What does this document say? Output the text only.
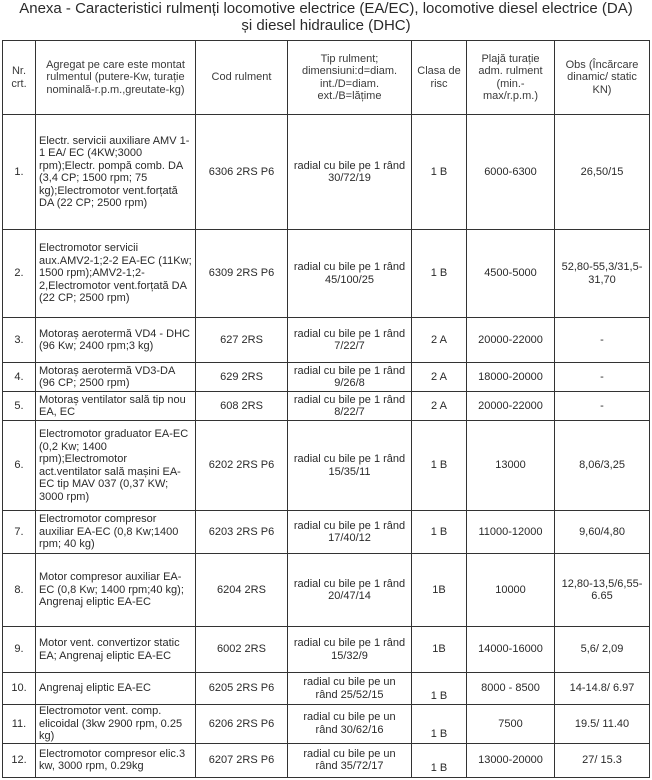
Anexa - Caracteristici rulmenți locomotive electrice (EA/EC), locomotive diesel electrice (DA)
și diesel hidraulice (DHC)
Nr. crt.	Agregat pe care este montat rulmentul (putere-Kw, turație nominală-r.p.m.,greutate-kg)	Cod rulment	Tip rulment; dimensiuni:d=diam. int./D=diam. ext./B=lățime	Clasa de risc	Plajă turație adm. rulment (min.-max/r.p.m.)	Obs (Încărcare dinamic/ static KN)
1.	Electr. servicii auxiliare AMV 1-1 EA/ EC (4KW;3000 rpm);Electr. pompă comb. DA (3,4 CP; 1500 rpm; 75 kg);Electromotor vent.forțată DA (22 CP; 2500 rpm)	6306 2RS P6	radial cu bile pe 1 rând 30/72/19	1 B	6000-6300	26,50/15
2.	Electromotor servicii aux.AMV2-1;2-2 EA-EC (11Kw; 1500 rpm);AMV2-1;2-2,Electromotor vent.forțată DA (22 CP; 2500 rpm)	6309 2RS P6	radial cu bile pe 1 rând 45/100/25	1 B	4500-5000	52,80-55,3/31,5-31,70
3.	Motoraș aerotermă VD4 - DHC (96 Kw; 2400 rpm;3 kg)	627 2RS	radial cu bile pe 1 rând 7/22/7	2 A	20000-22000	-
4.	Motoraș aerotermă VD3-DA (96 CP; 2500 rpm)	629 2RS	radial cu bile pe 1 rând 9/26/8	2 A	18000-20000	-
5.	Motoraș ventilator sală tip nou EA, EC	608 2RS	radial cu bile pe 1 rând 8/22/7	2 A	20000-22000	-
6.	Electromotor graduator EA-EC (0,2 Kw; 1400 rpm);Electromotor act.ventilator sală mașini EA-EC tip MAV 037 (0,37 KW; 3000 rpm)	6202 2RS P6	radial cu bile pe 1 rând 15/35/11	1 B	13000	8,06/3,25
7.	Electromotor compresor auxiliar EA-EC (0,8 Kw;1400 rpm; 40 kg)	6203 2RS P6	radial cu bile pe 1 rând 17/40/12	1 B	11000-12000	9,60/4,80
8.	Motor compresor auxiliar EA-EC (0,8 Kw; 1400 rpm;40 kg); Angrenaj eliptic EA-EC	6204 2RS	radial cu bile pe 1 rând 20/47/14	1B	10000	12,80-13,5/6,55-6.65
9.	Motor vent. convertizor static EA; Angrenaj eliptic EA-EC	6002 2RS	radial cu bile pe 1 rând 15/32/9	1B	14000-16000	5,6/ 2,09
10.	Angrenaj eliptic EA-EC	6205 2RS P6	radial cu bile pe un rând 25/52/15	1 B	8000 - 8500	14-14.8/ 6.97
11.	Electromotor vent. comp. elicoidal (3kw 2900 rpm, 0.25 kg)	6206 2RS P6	radial cu bile pe un rând 30/62/16	1 B	7500	19.5/ 11.40
12.	Electromotor compresor elic.3 kw, 3000 rpm, 0.29kg	6207 2RS P6	radial cu bile pe un rând 35/72/17	1 B	13000-20000	27/ 15.3
